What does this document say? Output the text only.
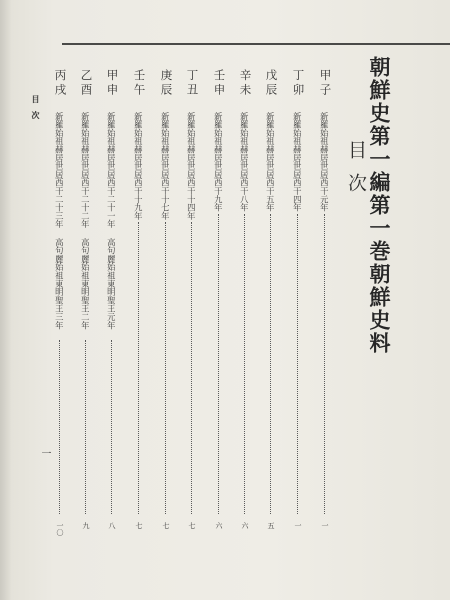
朝鮮史第一編第一巻朝鮮史料
目次
甲子
新羅始祖赫居世居西干元年
一
丁卯
新羅始祖赫居世居西干四年
一
戊辰
新羅始祖赫居世居西干五年
五
辛未
新羅始祖赫居世居西干八年
六
壬申
新羅始祖赫居世居西干九年
六
丁丑
新羅始祖赫居世居西干十四年
七
庚辰
新羅始祖赫居世居西干十七年
七
壬午
新羅始祖赫居世居西干十九年
七
甲申
新羅始祖赫居世居西干二十一年
高句麗始祖東明聖王元年
八
乙酉
新羅始祖赫居世居西干二十二年
高句麗始祖東明聖王二年
九
丙戌
新羅始祖赫居世居西干二十三年
高句麗始祖東明聖王三年
一〇
目次
一
